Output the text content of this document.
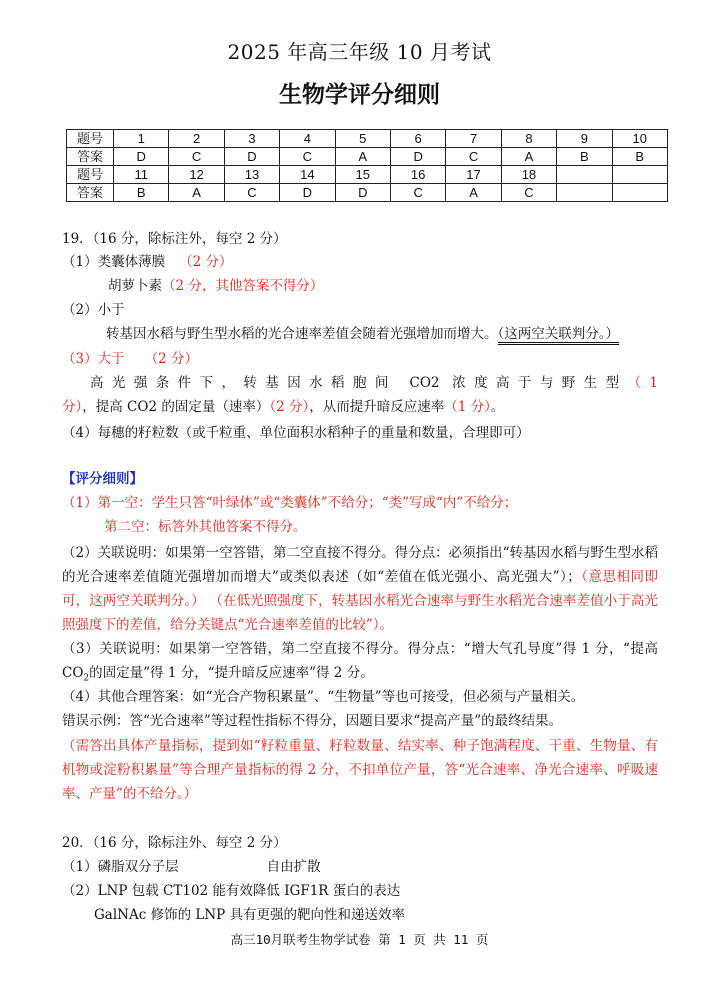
2025 年高三年级 10 月考试
生物学评分细则
题号	1	2	3	4	5	6	7	8	9	10
答案	D	C	D	C	A	D	C	A	B	B
题号	11	12	13	14	15	16	17	18		
答案	B	A	C	D	D	C	A	C		
19．（16 分，除标注外，每空 2 分）
（1）类囊体薄膜 （2 分）
胡萝卜素（2 分，其他答案不得分）
（2）小于
转基因水稻与野生型水稻的光合速率差值会随着光强增加而增大。（这两空关联判分。）
（3）大于 （2 分）
高光强条件下，转基因水稻胞间 CO2 浓度高于与野生型（1 分），提高 CO2 的固定量（速率）（2 分），从而提升暗反应速率（1 分）。
（4）每穗的籽粒数（或千粒重、单位面积水稻种子的重量和数量，合理即可）
【评分细则】
（1）第一空：学生只答“叶绿体”或“类囊体”不给分；“类”写成“内”不给分；
第二空：标答外其他答案不得分。
（2）关联说明：如果第一空答错，第二空直接不得分。得分点：必须指出“转基因水稻与野生型水稻的光合速率差值随光强增加而增大”或类似表述（如“差值在低光强小、高光强大”）；（意思相同即可，这两空关联判分。） （在低光照强度下，转基因水稻光合速率与野生水稻光合速率差值小于高光照强度下的差值，给分关键点“光合速率差值的比较”）。
（3）关联说明：如果第一空答错，第二空直接不得分。得分点：“增大气孔导度”得 1 分，“提高 $CO_2$的固定量”得 1 分，“提升暗反应速率”得 2 分。
（4）其他合理答案：如“光合产物积累量”、“生物量”等也可接受，但必须与产量相关。
错误示例：答“光合速率”等过程性指标不得分，因题目要求“提高产量”的最终结果。
（需答出具体产量指标，提到如“籽粒重量、籽粒数量、结实率、种子饱满程度、干重、生物量、有机物或淀粉积累量”等合理产量指标的得 2 分，不扣单位产量，答“光合速率、净光合速率、呼吸速率、产量”的不给分。）
20．（16 分，除标注外、每空 2 分）
（1）磷脂双分子层	自由扩散
（2）LNP 包载 CT102 能有效降低 IGF1R 蛋白的表达
GalNAc 修饰的 LNP 具有更强的靶向性和递送效率
高三10月联考生物学试卷 第 1 页 共 11 页
